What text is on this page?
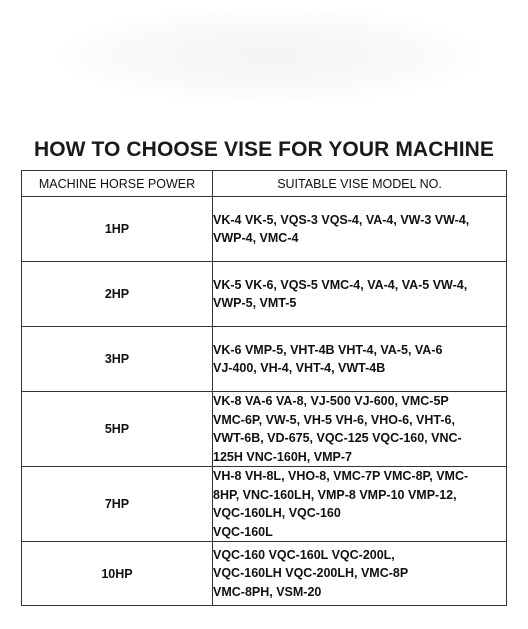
HOW TO CHOOSE VISE FOR YOUR MACHINE
MACHINE HORSE POWER	SUITABLE VISE MODEL NO.
1HP	VK-4 VK-5, VQS-3 VQS-4, VA-4, VW-3 VW-4,
VWP-4, VMC-4

2HP	VK-5 VK-6, VQS-5 VMC-4, VA-4, VA-5 VW-4,
VWP-5, VMT-5

3HP	VK-6 VMP-5, VHT-4B VHT-4, VA-5, VA-6
VJ-400, VH-4, VHT-4, VWT-4B

5HP	VK-8 VA-6 VA-8, VJ-500 VJ-600, VMC-5P
VMC-6P, VW-5, VH-5 VH-6, VHO-6, VHT-6,
VWT-6B, VD-675, VQC-125 VQC-160, VNC-
125H VNC-160H, VMP-7

7HP	VH-8 VH-8L, VHO-8, VMC-7P VMC-8P, VMC-
8HP, VNC-160LH, VMP-8 VMP-10 VMP-12,
VQC-160LH, VQC-160
VQC-160L

10HP	VQC-160 VQC-160L VQC-200L,
VQC-160LH VQC-200LH, VMC-8P
VMC-8PH, VSM-20
